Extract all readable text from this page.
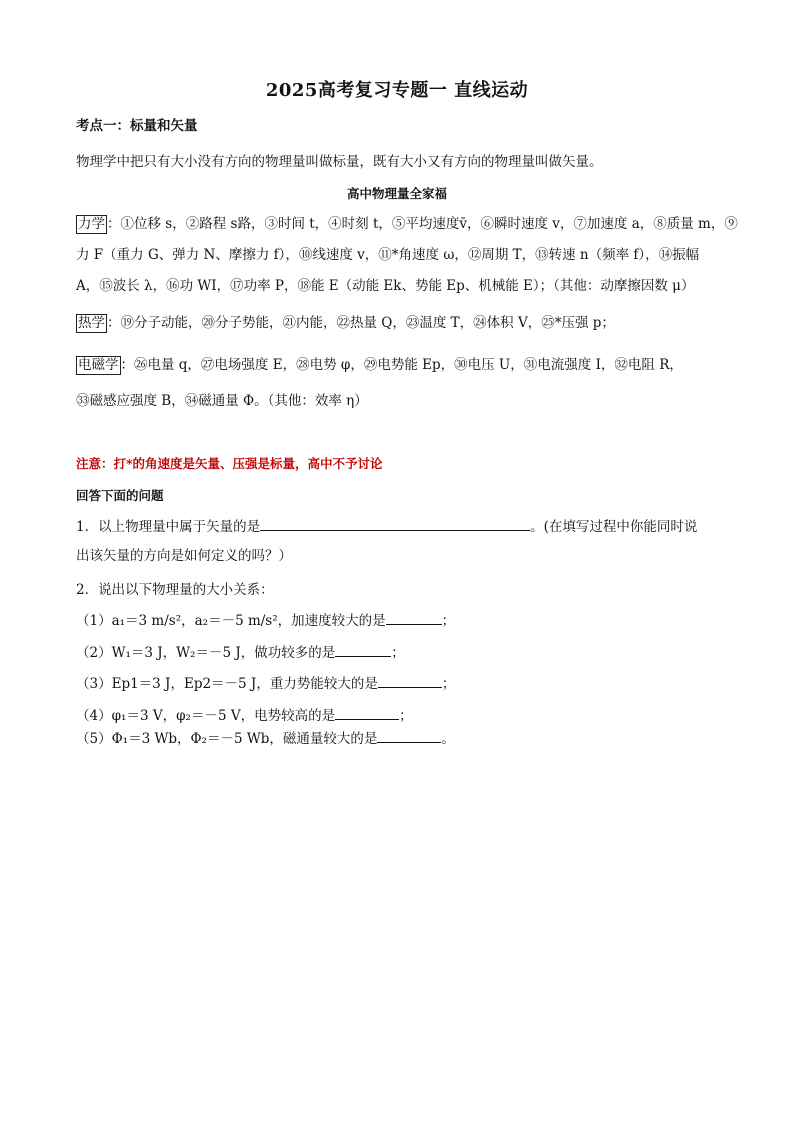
2025高考复习专题一 直线运动
考点一：标量和矢量
物理学中把只有大小没有方向的物理量叫做标量，既有大小又有方向的物理量叫做矢量。
高中物理量全家福
力学 ：①位移 s，②路程 s路，③时间 t，④时刻 t，⑤平均速度v̄，⑥瞬时速度 v，⑦加速度 a，⑧质量 m，⑨
力 F（重力 G、弹力 N、摩擦力 f），⑩线速度 v，⑪*角速度 ω，⑫周期 T，⑬转速 n（频率 f），⑭振幅
A，⑮波长 λ，⑯功 WI，⑰功率 P，⑱能 E（动能 Ek、势能 Ep、机械能 E）；（其他：动摩擦因数 μ）
热学 ：⑲分子动能，⑳分子势能，㉑内能，㉒热量 Q，㉓温度 T，㉔体积 V，㉕*压强 p；
电磁学 ：㉖电量 q，㉗电场强度 E，㉘电势 φ，㉙电势能 Ep，㉚电压 U，㉛电流强度 I，㉜电阻 R，
㉝磁感应强度 B，㉞磁通量 Φ。（其他：效率 η）
注意：打*的角速度是矢量、压强是标量，高中不予讨论
回答下面的问题
1．以上物理量中属于矢量的是	。(在填写过程中你能同时说
出该矢量的方向是如何定义的吗？）
2．说出以下物理量的大小关系：
（1）a₁＝3 m/s²，a₂＝－5 m/s²，加速度较大的是	；
（2）W₁＝3 J，W₂＝－5 J，做功较多的是	；
（3）Ep1＝3 J，Ep2＝－5 J，重力势能较大的是	；
（4）φ₁＝3 V，φ₂＝－5 V，电势较高的是	；
（5）Φ₁＝3 Wb，Φ₂＝－5 Wb，磁通量较大的是	。
